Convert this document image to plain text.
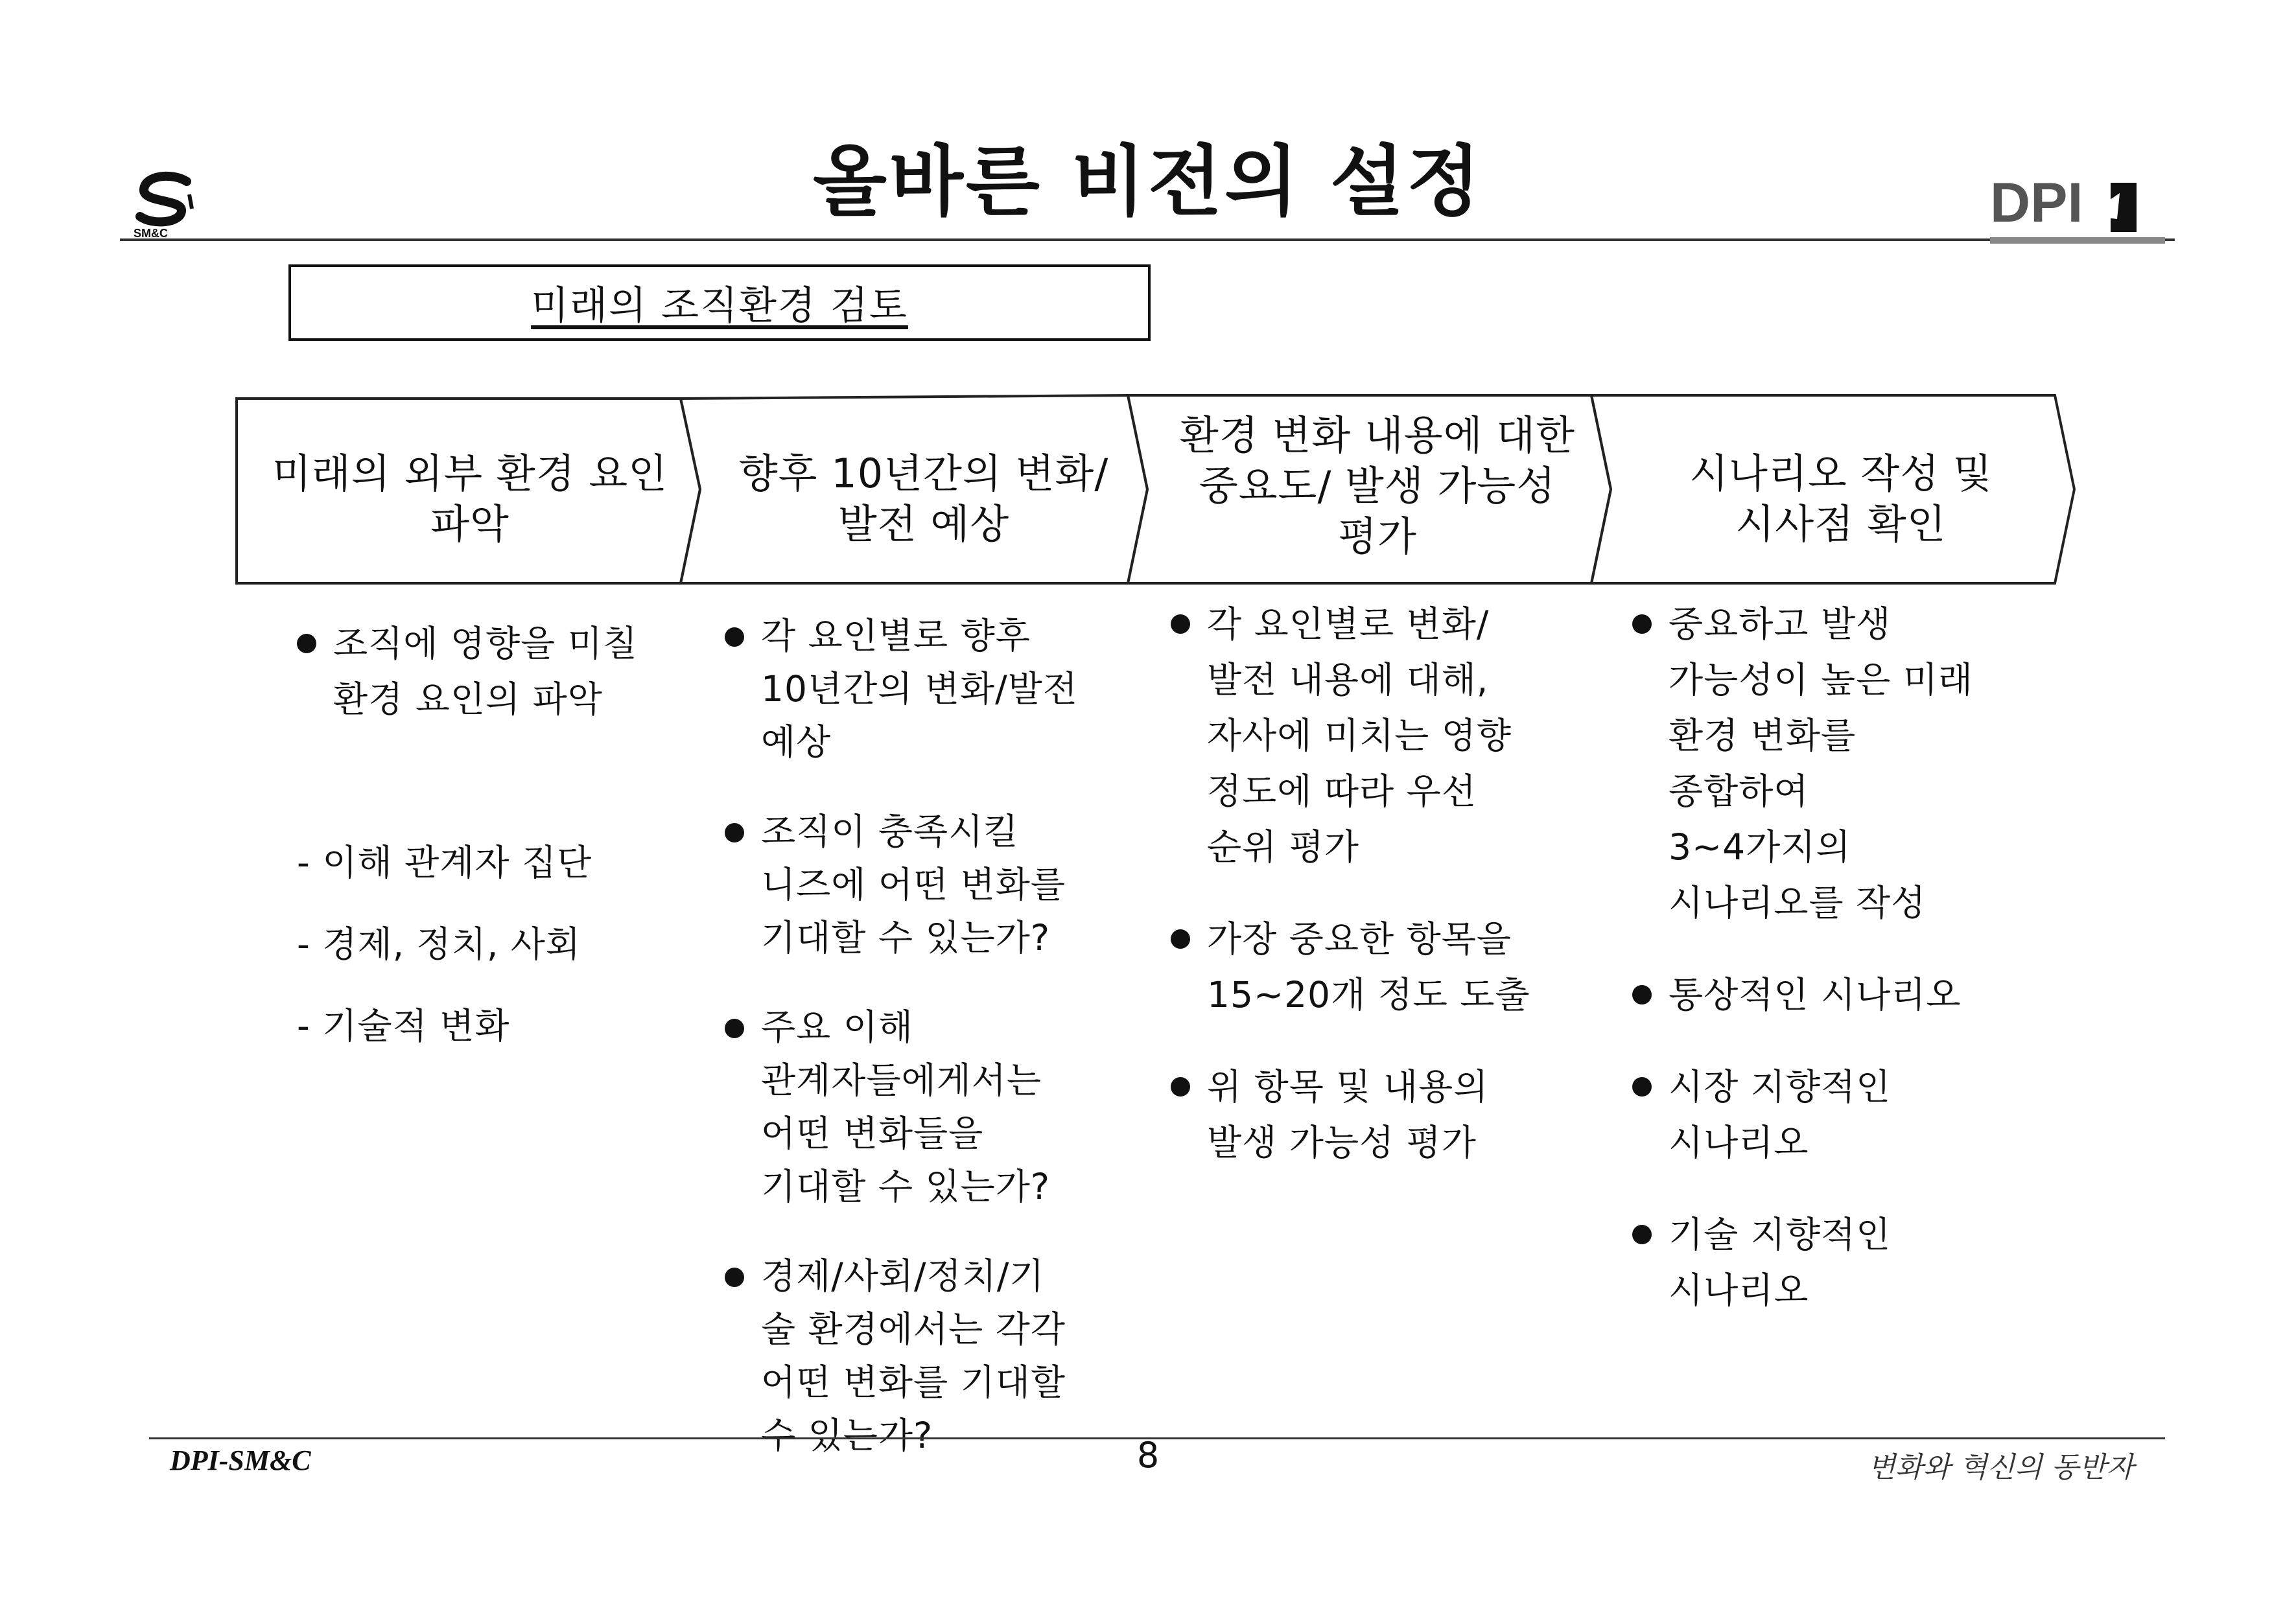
SM&C
올바른 비전의 설정	DPI
미래의 조직환경 검토
미래의 외부 환경 요인
파악
향후 10년간의 변화/
발전 예상
환경 변화 내용에 대한
중요도/ 발생 가능성
평가
시나리오 작성 및
시사점 확인
조직에 영향을 미칠
환경 요인의 파악
- 이해 관계자 집단
- 경제, 정치, 사회
- 기술적 변화
각 요인별로 향후
10년간의 변화/발전
예상
조직이 충족시킬
니즈에 어떤 변화를
기대할 수 있는가?
주요 이해
관계자들에게서는
어떤 변화들을
기대할 수 있는가?
경제/사회/정치/기
술 환경에서는 각각
어떤 변화를 기대할
수 있는가?
각 요인별로 변화/
발전 내용에 대해,
자사에 미치는 영향
정도에 따라 우선
순위 평가
가장 중요한 항목을
15~20개 정도 도출
위 항목 및 내용의
발생 가능성 평가
중요하고 발생
가능성이 높은 미래
환경 변화를
종합하여
3~4가지의
시나리오를 작성
통상적인 시나리오
시장 지향적인
시나리오
기술 지향적인
시나리오
DPI-SM&C	8	변화와 혁신의 동반자
